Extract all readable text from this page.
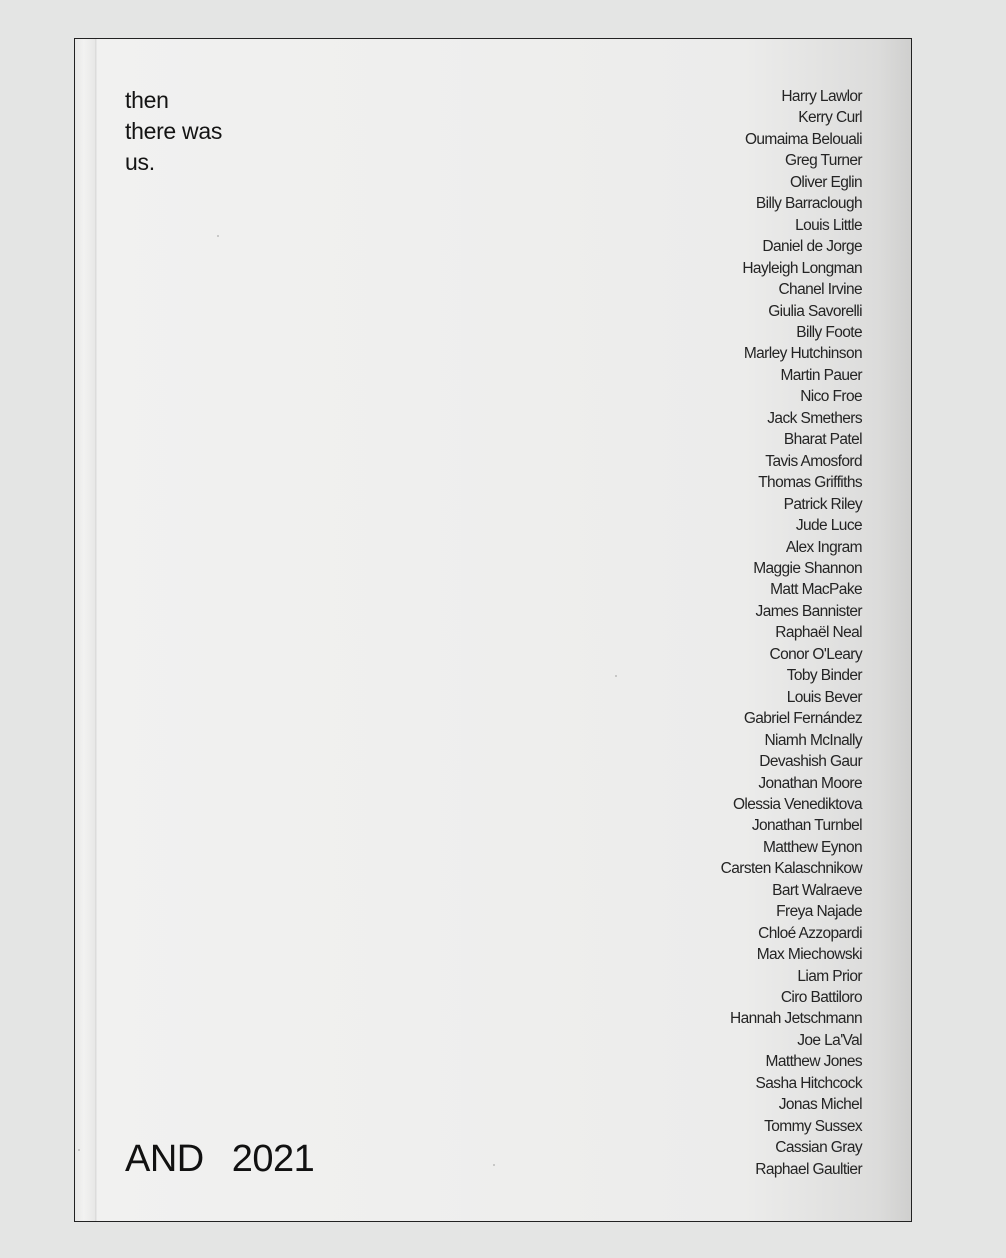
then
there was
us.
Harry Lawlor
Kerry Curl
Oumaima Belouali
Greg Turner
Oliver Eglin
Billy Barraclough
Louis Little
Daniel de Jorge
Hayleigh Longman
Chanel Irvine
Giulia Savorelli
Billy Foote
Marley Hutchinson
Martin Pauer
Nico Froe
Jack Smethers
Bharat Patel
Tavis Amosford
Thomas Griffiths
Patrick Riley
Jude Luce
Alex Ingram
Maggie Shannon
Matt MacPake
James Bannister
Raphaël Neal
Conor O'Leary
Toby Binder
Louis Bever
Gabriel Fernández
Niamh McInally
Devashish Gaur
Jonathan Moore
Olessia Venediktova
Jonathan Turnbel
Matthew Eynon
Carsten Kalaschnikow
Bart Walraeve
Freya Najade
Chloé Azzopardi
Max Miechowski
Liam Prior
Ciro Battiloro
Hannah Jetschmann
Joe La'Val
Matthew Jones
Sasha Hitchcock
Jonas Michel
Tommy Sussex
Cassian Gray
Raphael Gaultier
AND 2021
